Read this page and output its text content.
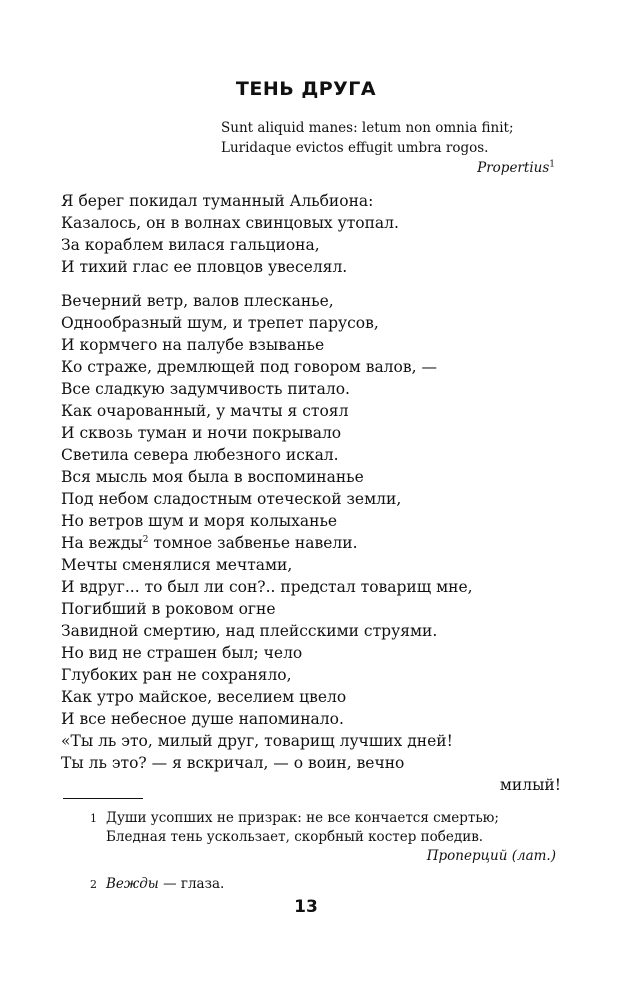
ТЕНЬ ДРУГА
Sunt aliquid manes: letum non omnia finit;
Luridaque evictos effugit umbra rogos.
Propertius$^1$
Я берег покидал туманный Альбиона:
Казалось, он в волнах свинцовых утопал.
За кораблем вилася гальциона,
И тихий глас ее пловцов увеселял.
Вечерний ветр, валов плесканье,
Однообразный шум, и трепет парусов,
И кормчего на палубе взыванье
Ко страже, дремлющей под говором валов, —
Все сладкую задумчивость питало.
Как очарованный, у мачты я стоял
И сквозь туман и ночи покрывало
Светила севера любезного искал.
Вся мысль моя была в воспоминанье
Под небом сладостным отеческой земли,
Но ветров шум и моря колыханье
На вежды$^2$ томное забвенье навели.
Мечты сменялися мечтами,
И вдруг... то был ли сон?.. предстал товарищ мне,
Погибший в роковом огне
Завидной смертию, над плейсскими струями.
Но вид не страшен был; чело
Глубоких ран не сохраняло,
Как утро майское, веселием цвело
И все небесное душе напоминало.
«Ты ль это, милый друг, товарищ лучших дней!
Ты ль это? — я вскричал, — о воин, вечно
милый!
1 Души усопших не призрак: не все кончается смертью;
Бледная тень ускользает, скорбный костер победив.
Проперций (лат.)
2 Вежды — глаза.
13
